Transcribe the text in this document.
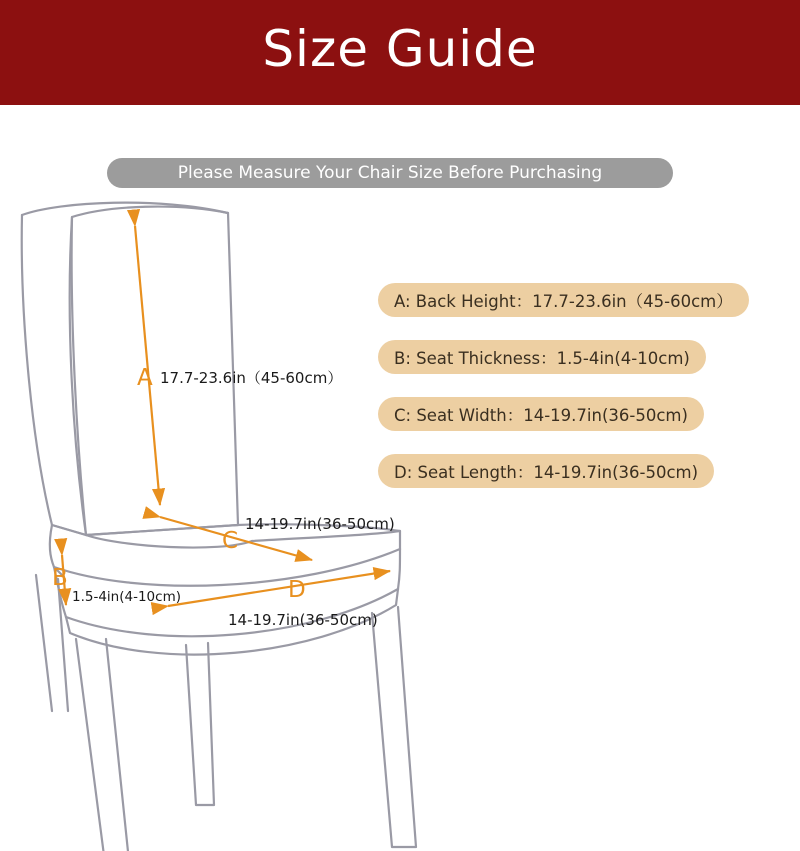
Size Guide
Please Measure Your Chair Size Before Purchasing
A: Back Height：17.7-23.6in（45-60cm）
B: Seat Thickness：1.5-4in(4-10cm)
C: Seat Width：14-19.7in(36-50cm)
D: Seat Length：14-19.7in(36-50cm)
A 17.7-23.6in（45-60cm）
C
14-19.7in(36-50cm)
B
1.5-4in(4-10cm)	D
14-19.7in(36-50cm)
